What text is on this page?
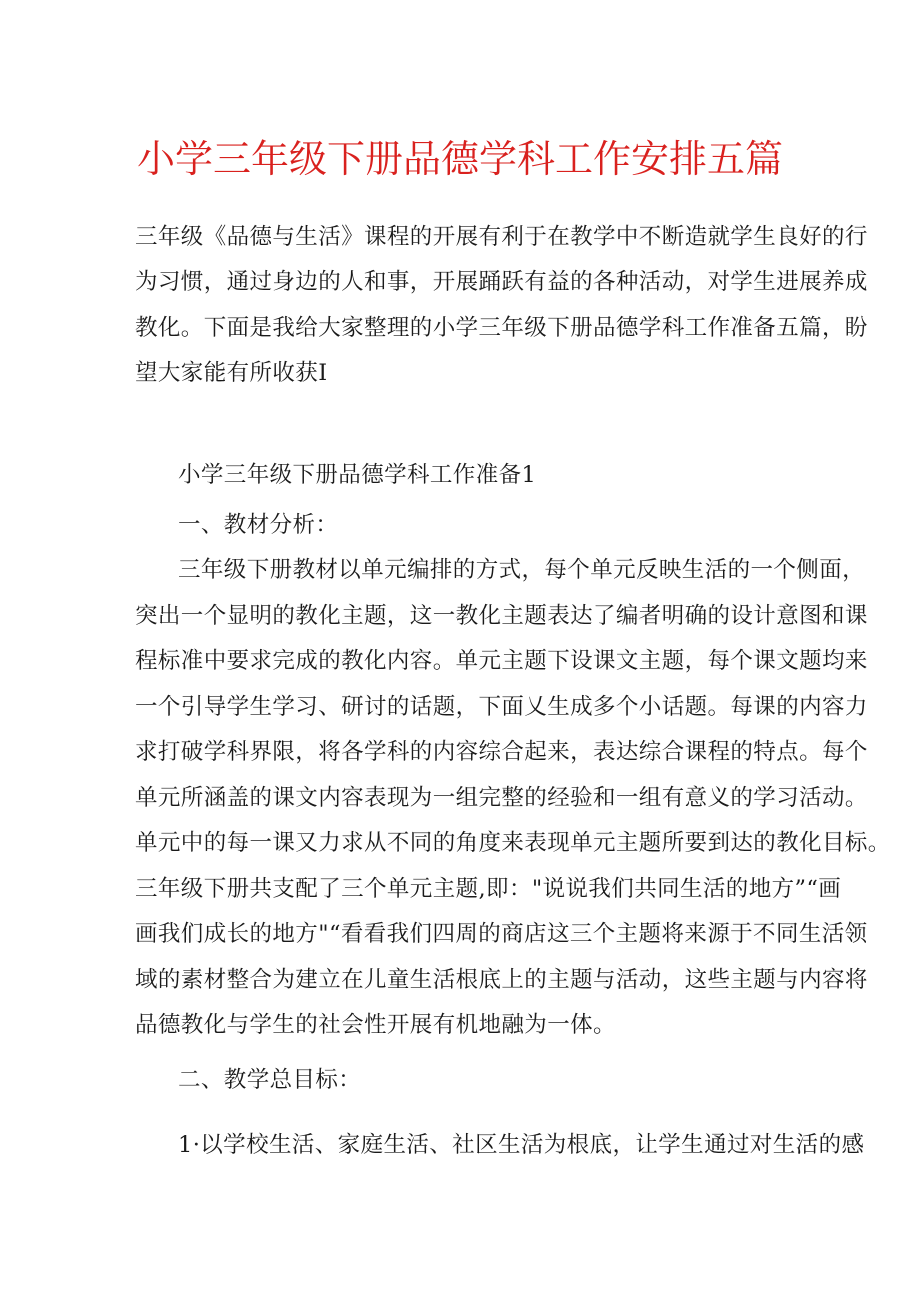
小学三年级下册品德学科工作安排五篇
三年级《品德与生活》课程的开展有利于在教学中不断造就学生良好的行
为习惯，通过身边的人和事，开展踊跃有益的各种活动，对学生进展养成
教化。下面是我给大家整理的小学三年级下册品德学科工作准备五篇，盼
望大家能有所收获I
小学三年级下册品德学科工作准备1
一、教材分析：
三年级下册教材以单元编排的方式，每个单元反映生活的一个侧面，
突出一个显明的教化主题，这一教化主题表达了编者明确的设计意图和课
程标准中要求完成的教化内容。单元主题下设课文主题，每个课文题均来
一个引导学生学习、研讨的话题，下面乂生成多个小话题。每课的内容力
求打破学科界限，将各学科的内容综合起来，表达综合课程的特点。每个
单元所涵盖的课文内容表现为一组完整的经验和一组有意义的学习活动。
单元中的每一课又力求从不同的角度来表现单元主题所要到达的教化目标。
三年级下册共支配了三个单元主题,即："说说我们共同生活的地方”“画
画我们成长的地方"“看看我们四周的商店这三个主题将来源于不同生活领
域的素材整合为建立在儿童生活根底上的主题与活动，这些主题与内容将
品德教化与学生的社会性开展有机地融为一体。
二、教学总目标：
1·以学校生活、家庭生活、社区生活为根底，让学生通过对生活的感
